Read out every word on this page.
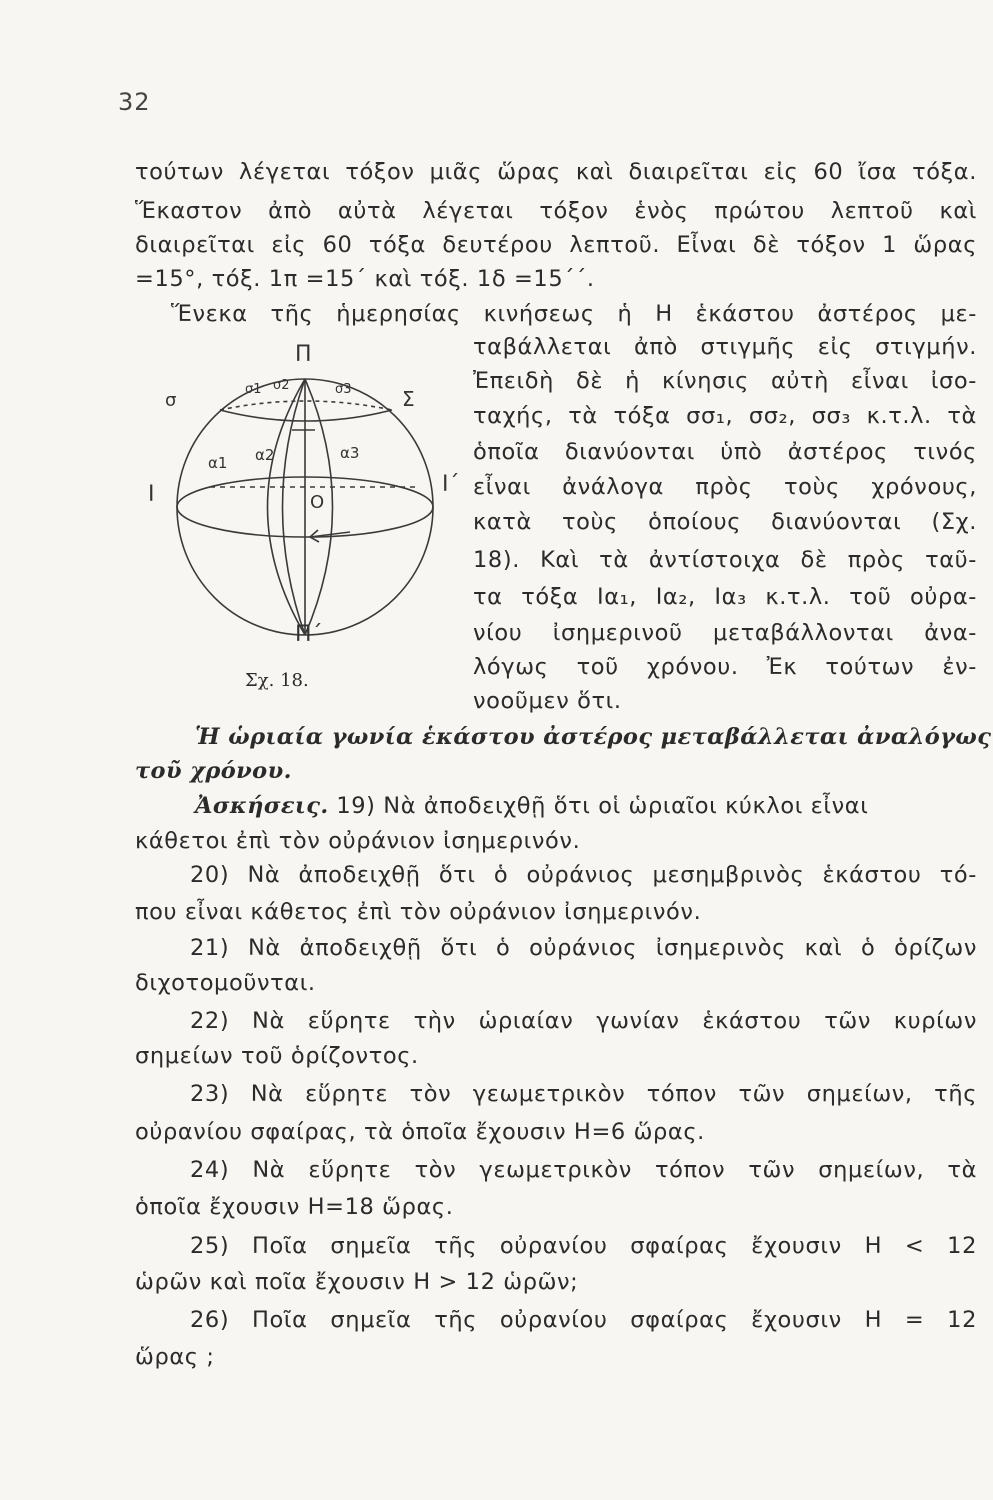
32
τούτων λέγεται τόξον μιᾶς ὥρας καὶ διαιρεῖται εἰς 60 ἴσα τόξα.
Ἕκαστον ἀπὸ αὐτὰ λέγεται τόξον ἑνὸς πρώτου λεπτοῦ καὶ
διαιρεῖται εἰς 60 τόξα δευτέρου λεπτοῦ. Εἶναι δὲ τόξον 1 ὥρας
=15°, τόξ. 1π =15΄ καὶ τόξ. 1δ =15΄΄.
Ἕνεκα τῆς ἡμερησίας κινήσεως ἡ Η ἑκάστου ἀστέρος με-
ταβάλλεται ἀπὸ στιγμῆς εἰς στιγμήν.
Ἐπειδὴ δὲ ἡ κίνησις αὐτὴ εἶναι ἰσο-
ταχής, τὰ τόξα σσ₁, σσ₂, σσ₃ κ.τ.λ. τὰ
ὁποῖα διανύονται ὑπὸ ἀστέρος τινός
εἶναι ἀνάλογα πρὸς τοὺς χρόνους,
κατὰ τοὺς ὁποίους διανύονται (Σχ.
18). Καὶ τὰ ἀντίστοιχα δὲ πρὸς ταῦ-
τα τόξα Ια₁, Ια₂, Ια₃ κ.τ.λ. τοῦ οὐρα-
νίου ἰσημερινοῦ μεταβάλλονται ἀνα-
λόγως τοῦ χρόνου. Ἐκ τούτων ἐν-
νοοῦμεν ὅτι.
Π
Π΄
Ι	Ι΄
σ	Σ
Ο
σ1 σ2	σ3
α1 α2	α3
Σχ. 18.
Ἡ ὡριαία γωνία ἑκάστου ἀστέρος μεταβάλλεται ἀναλόγως
τοῦ χρόνου.
Ἀσκήσεις. 19) Νὰ ἀποδειχθῇ ὅτι οἱ ὡριαῖοι κύκλοι εἶναι
κάθετοι ἐπὶ τὸν οὐράνιον ἰσημερινόν.
20) Νὰ ἀποδειχθῇ ὅτι ὁ οὐράνιος μεσημβρινὸς ἑκάστου τό-
που εἶναι κάθετος ἐπὶ τὸν οὐράνιον ἰσημερινόν.
21) Νὰ ἀποδειχθῇ ὅτι ὁ οὐράνιος ἰσημερινὸς καὶ ὁ ὁρίζων
διχοτομοῦνται.
22) Νὰ εὕρητε τὴν ὡριαίαν γωνίαν ἑκάστου τῶν κυρίων
σημείων τοῦ ὁρίζοντος.
23) Νὰ εὕρητε τὸν γεωμετρικὸν τόπον τῶν σημείων, τῆς
οὐρανίου σφαίρας, τὰ ὁποῖα ἔχουσιν Η=6 ὥρας.
24) Νὰ εὕρητε τὸν γεωμετρικὸν τόπον τῶν σημείων, τὰ
ὁποῖα ἔχουσιν Η=18 ὥρας.
25) Ποῖα σημεῖα τῆς οὐρανίου σφαίρας ἔχουσιν Η < 12
ὡρῶν καὶ ποῖα ἔχουσιν Η > 12 ὡρῶν;
26) Ποῖα σημεῖα τῆς οὐρανίου σφαίρας ἔχουσιν Η = 12
ὥρας ;
